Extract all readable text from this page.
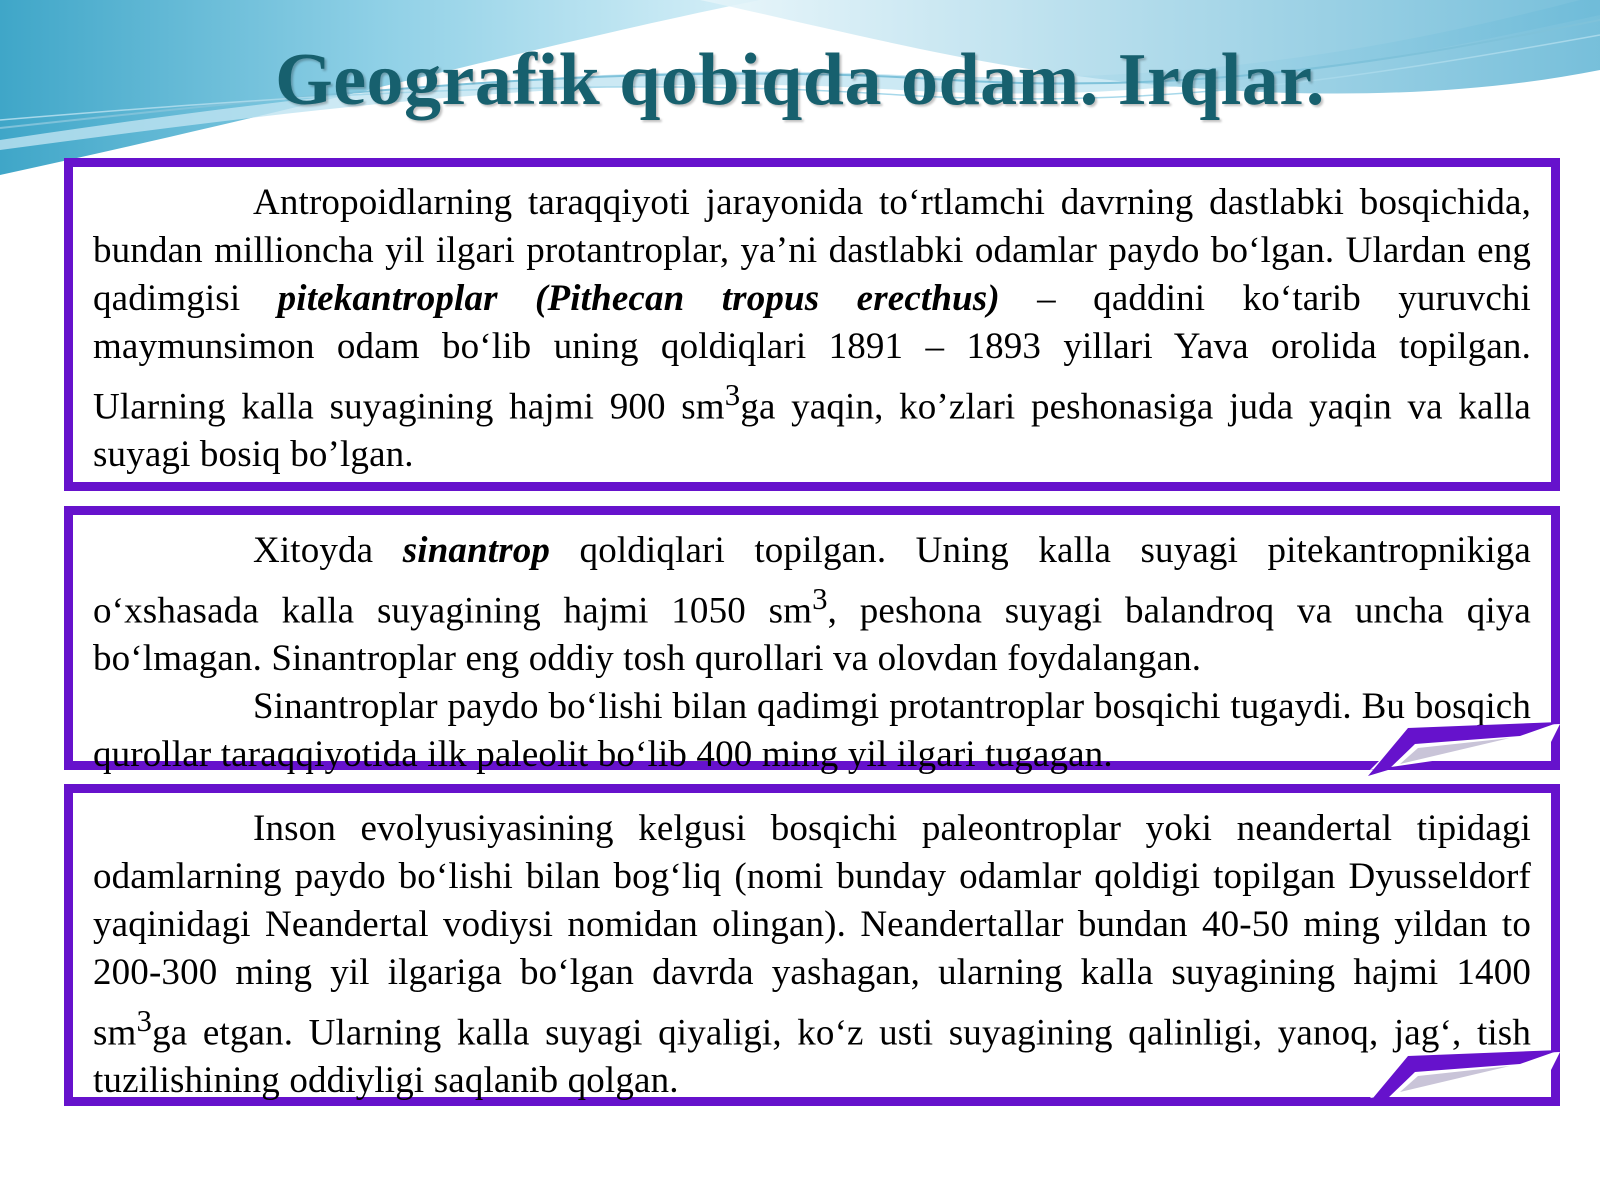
Geografik qobiqda odam. Irqlar.

Antropoidlarning taraqqiyoti jarayonida to‘rtlamchi davrning dastlabki bosqichida, bundan millioncha yil ilgari protantroplar, ya’ni dastlabki odamlar paydo bo‘lgan. Ulardan eng qadimgisi pitekantroplar (Pithecan tropus erecthus) – qaddini ko‘tarib yuruvchi maymunsimon odam bo‘lib uning qoldiqlari 1891 – 1893 yillari Yava orolida topilgan. Ularning kalla suyagining hajmi 900 $sm^3ga$ yaqin, ko’zlari peshonasiga juda yaqin va kalla suyagi bosiq bo’lgan.

Xitoyda sinantrop qoldiqlari topilgan. Uning kalla suyagi pitekantropnikiga o‘xshasada kalla suyagining hajmi 1050 $sm^3$, peshona suyagi balandroq va uncha qiya bo‘lmagan. Sinantroplar eng oddiy tosh qurollari va olovdan foydalangan.

Sinantroplar paydo bo‘lishi bilan qadimgi protantroplar bosqichi tugaydi. Bu bosqich qurollar taraqqiyotida ilk paleolit bo‘lib 400 ming yil ilgari tugagan.

Inson evolyusiyasining kelgusi bosqichi paleontroplar yoki neandertal tipidagi odamlarning paydo bo‘lishi bilan bog‘liq (nomi bunday odamlar qoldigi topilgan Dyusseldorf yaqinidagi Neandertal vodiysi nomidan olingan). Neandertallar bundan 40-50 ming yildan to 200-300 ming yil ilgariga bo‘lgan davrda yashagan, ularning kalla suyagining hajmi 1400 $sm^3ga$ etgan. Ularning kalla suyagi qiyaligi, ko‘z usti suyagining qalinligi, yanoq, jag‘, tish tuzilishining oddiyligi saqlanib qolgan.
